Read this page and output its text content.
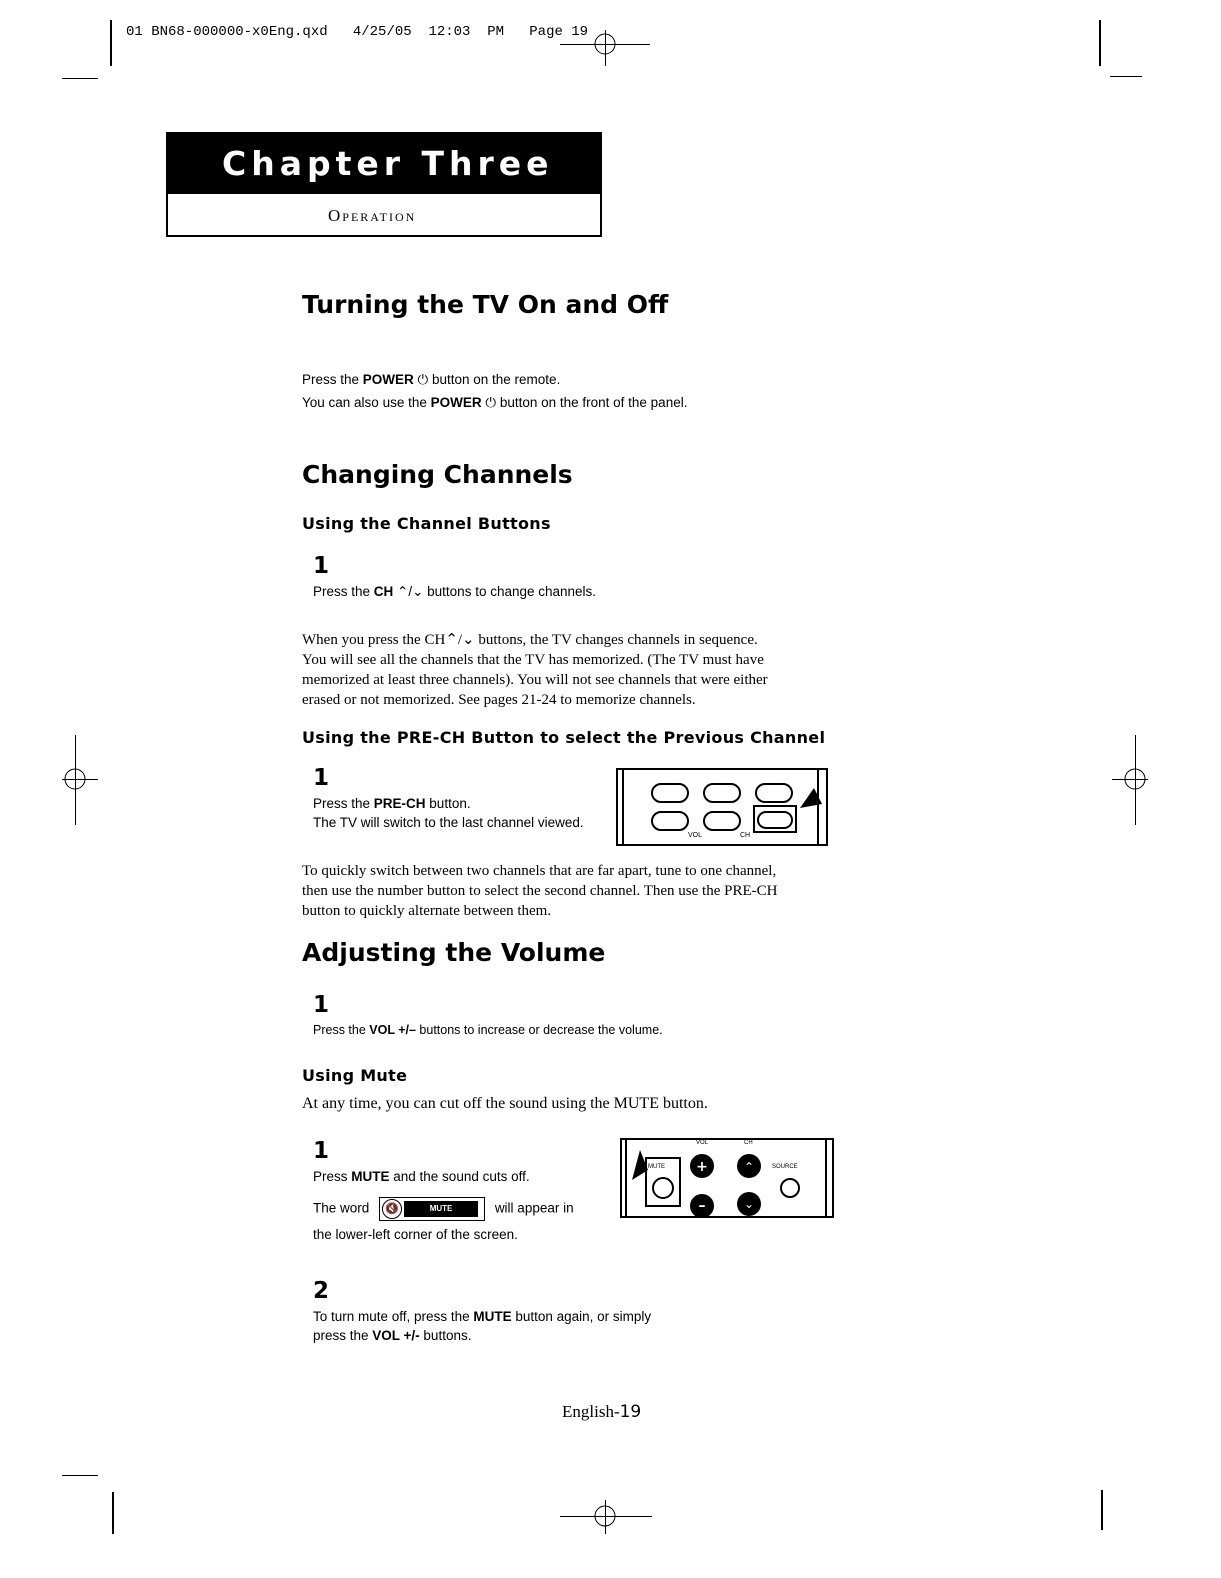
01 BN68-000000-x0Eng.qxd   4/25/05  12:03  PM   Page 19
Chapter Three
Operation
Turning the TV On and Off
Press the POWER ⏻ button on the remote.
You can also use the POWER ⏻ button on the front of the panel.
Changing Channels
Using the Channel Buttons
1
Press the CH ⌃/⌄ buttons to change channels.
When you press the CH⌃/⌄ buttons, the TV changes channels in sequence.
You will see all the channels that the TV has memorized. (The TV must have
memorized at least three channels). You will not see channels that were either
erased or not memorized. See pages 21-24 to memorize channels.
Using the PRE-CH Button to select the Previous Channel
1
Press the PRE-CH button.
The TV will switch to the last channel viewed.
VOL	CH
To quickly switch between two channels that are far apart, tune to one channel,
then use the number button to select the second channel. Then use the PRE-CH
button to quickly alternate between them.
Adjusting the Volume
1
Press the VOL +/– buttons to increase or decrease the volume.
Using Mute
At any time, you can cut off the sound using the MUTE button.
1
Press MUTE and the sound cuts off.
The word 🔇	MUTE	will appear in
the lower-left corner of the screen.
+
–
⌃
⌄
MUTE
VOL	CH
SOURCE
2
To turn mute off, press the MUTE button again, or simply
press the VOL +/- buttons.
English-19
